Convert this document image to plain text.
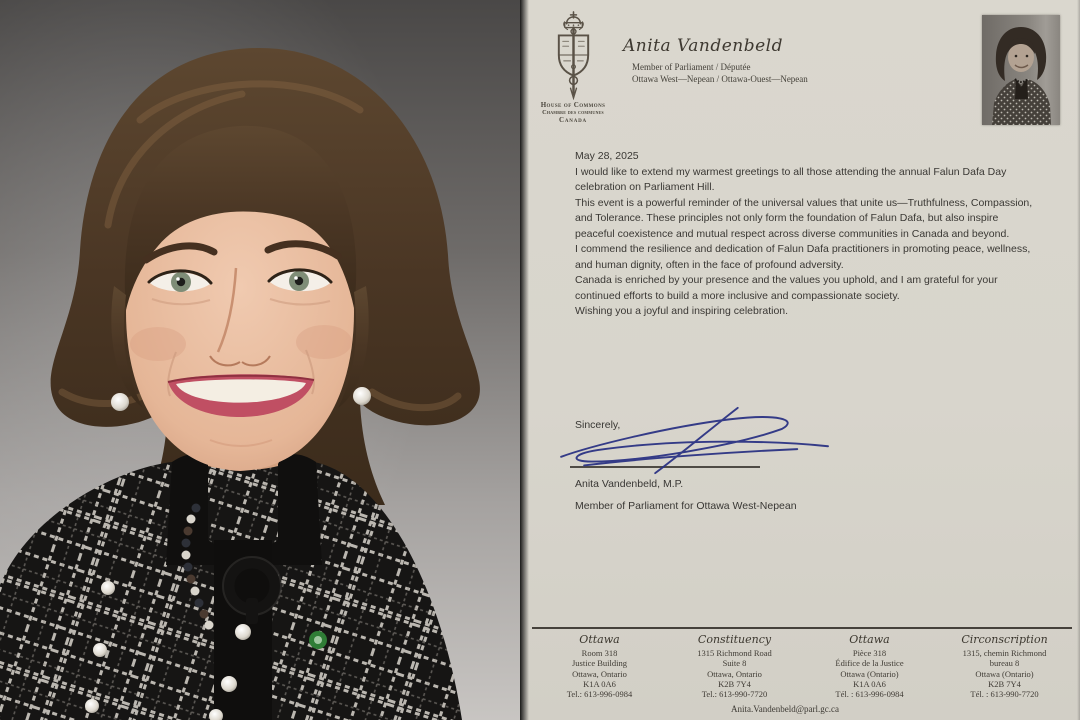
House of Commons
Chambre des communes
Canada
Anita Vandenbeld
Member of Parliament / Députée
Ottawa West—Nepean / Ottawa-Ouest—Nepean

May 28, 2025

I would like to extend my warmest greetings to all those attending the annual Falun Dafa Day celebration on Parliament Hill.

This event is a powerful reminder of the universal values that unite us—Truthfulness, Compassion, and Tolerance. These principles not only form the foundation of Falun Dafa, but also inspire peaceful coexistence and mutual respect across diverse communities in Canada and beyond.

I commend the resilience and dedication of Falun Dafa practitioners in promoting peace, wellness, and human dignity, often in the face of profound adversity.

Canada is enriched by your presence and the values you uphold, and I am grateful for your continued efforts to build a more inclusive and compassionate society.

Wishing you a joyful and inspiring celebration.

Sincerely,
Anita Vandenbeld, M.P.
Member of Parliament for Ottawa West-Nepean
Ottawa
Room 318
Justice Building
Ottawa, Ontario
K1A 0A6
Tel.: 613-996-0984
Constituency
1315 Richmond Road
Suite 8
Ottawa, Ontario
K2B 7Y4
Tel.: 613-990-7720
Ottawa
Pièce 318
Édifice de la Justice
Ottawa (Ontario)
K1A 0A6
Tél. : 613-996-0984
Circonscription
1315, chemin Richmond
bureau 8
Ottawa (Ontario)
K2B 7Y4
Tél. : 613-990-7720
Anita.Vandenbeld@parl.gc.ca
